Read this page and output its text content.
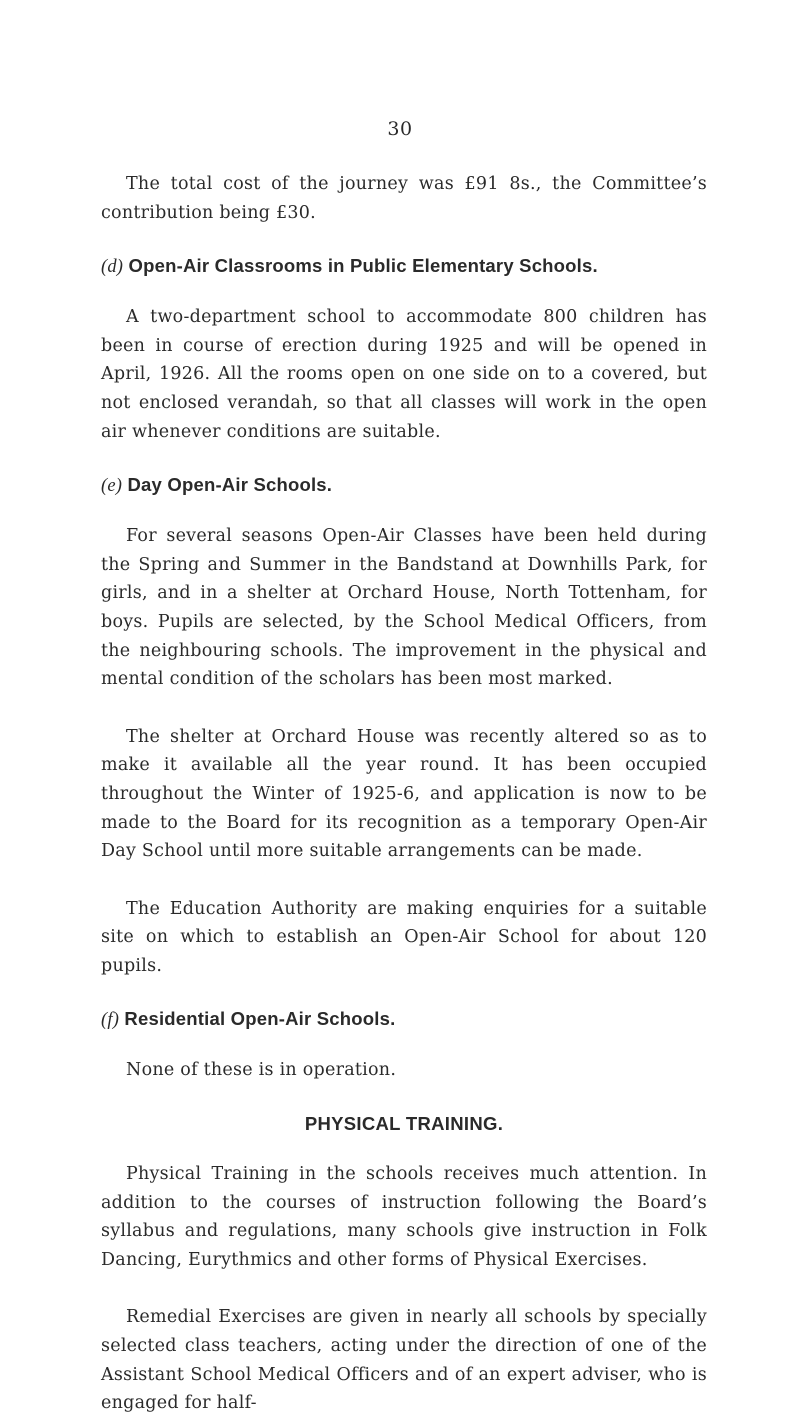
30

The total cost of the journey was £91 8s., the Committee’s contribution being £30.

(d) Open-Air Classrooms in Public Elementary Schools.

A two-department school to accommodate 800 children has been in course of erection during 1925 and will be opened in April, 1926. All the rooms open on one side on to a covered, but not enclosed verandah, so that all classes will work in the open air whenever conditions are suitable.

(e) Day Open-Air Schools.

For several seasons Open-Air Classes have been held during the Spring and Summer in the Bandstand at Downhills Park, for girls, and in a shelter at Orchard House, North Tottenham, for boys. Pupils are selected, by the School Medical Officers, from the neighbouring schools. The improvement in the physical and mental condition of the scholars has been most marked.

The shelter at Orchard House was recently altered so as to make it available all the year round. It has been occupied throughout the Winter of 1925-6, and application is now to be made to the Board for its recognition as a temporary Open-Air Day School until more suitable arrangements can be made.

The Education Authority are making enquiries for a suitable site on which to establish an Open-Air School for about 120 pupils.

(f) Residential Open-Air Schools.

None of these is in operation.

PHYSICAL TRAINING.

Physical Training in the schools receives much attention. In addition to the courses of instruction following the Board’s syllabus and regulations, many schools give instruction in Folk Dancing, Eurythmics and other forms of Physical Exercises.

Remedial Exercises are given in nearly all schools by specially selected class teachers, acting under the direction of one of the Assistant School Medical Officers and of an expert adviser, who is engaged for half-
